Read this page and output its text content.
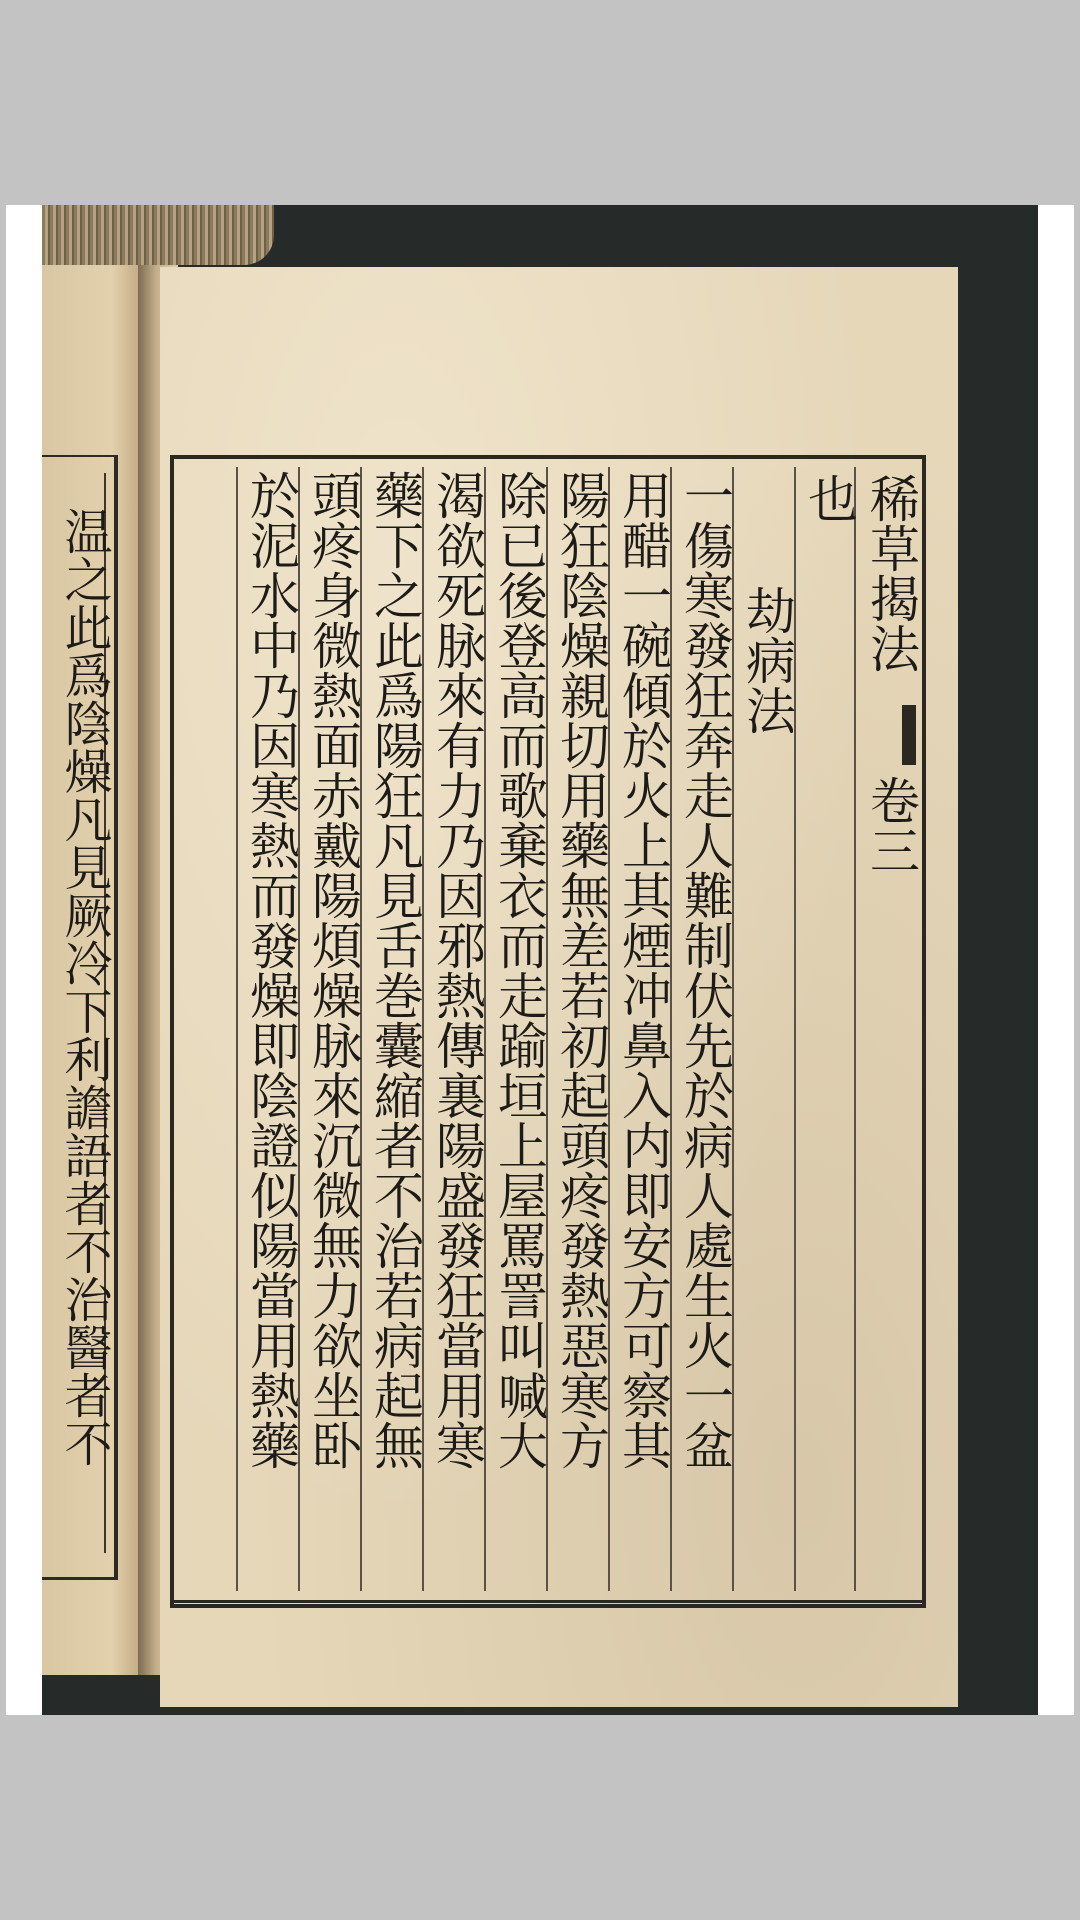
温之此爲陰燥凡見厥冷下利譫語者不治醫者不	稀草揭法
卷三
也
劫病法
一傷寒發狂奔走人難制伏先於病人處生火一盆
用醋一碗傾於火上其煙冲鼻入内即安方可察其
陽狂陰燥親切用藥無差若初起頭疼發熱惡寒方
除已後登高而歌棄衣而走踰垣上屋罵詈叫喊大
渴欲死脉來有力乃因邪熱傳裏陽盛發狂當用寒
藥下之此爲陽狂凡見舌巻囊縮者不治若病起無
頭疼身微熱面赤戴陽煩燥脉來沉微無力欲坐卧
於泥水中乃因寒熱而發燥即陰證似陽當用熱藥
